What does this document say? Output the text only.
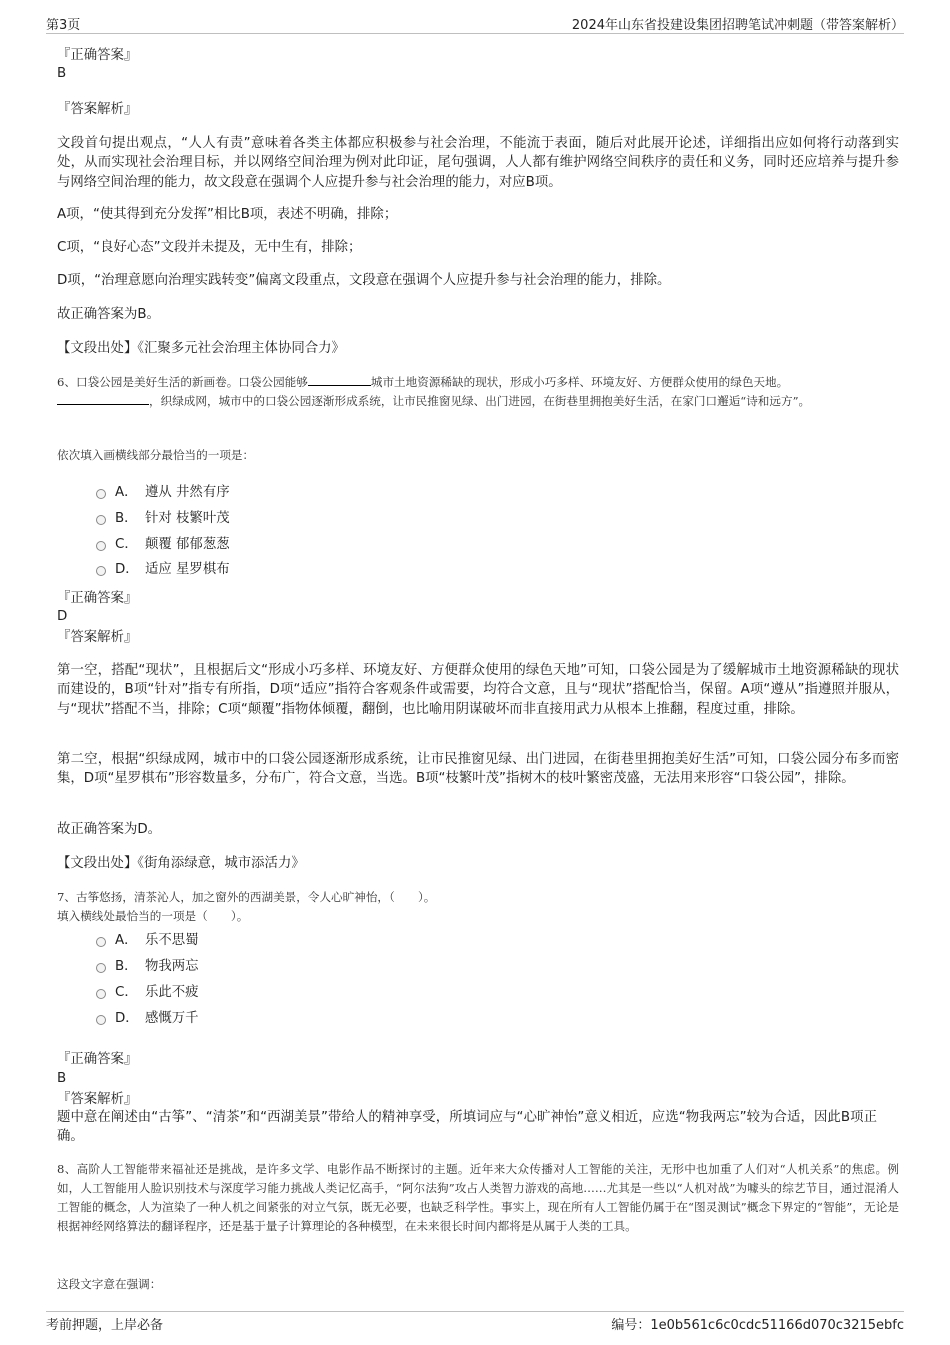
第3页	2024年山东省投建设集团招聘笔试冲刺题（带答案解析）
『正确答案』
B
『答案解析』
文段首句提出观点，“人人有责”意味着各类主体都应积极参与社会治理，不能流于表面，随后对此展开论述，详细指出应如何将行动落到实处，从而实现社会治理目标，并以网络空间治理为例对此印证，尾句强调，人人都有维护网络空间秩序的责任和义务，同时还应培养与提升参与网络空间治理的能力，故文段意在强调个人应提升参与社会治理的能力，对应B项。
A项，“使其得到充分发挥”相比B项，表述不明确，排除；
C项，“良好心态”文段并未提及，无中生有，排除；
D项，“治理意愿向治理实践转变”偏离文段重点，文段意在强调个人应提升参与社会治理的能力，排除。
故正确答案为B。
【文段出处】《汇聚多元社会治理主体协同合力》
6、口袋公园是美好生活的新画卷。口袋公园能够	城市土地资源稀缺的现状，形成小巧多样、环境友好、方便群众使用的绿色天地。
，织绿成网，城市中的口袋公园逐渐形成系统，让市民推窗见绿、出门进园，在街巷里拥抱美好生活，在家门口邂逅“诗和远方”。
依次填入画横线部分最恰当的一项是：
A． 遵从 井然有序
B． 针对 枝繁叶茂
C． 颠覆 郁郁葱葱
D． 适应 星罗棋布
『正确答案』
D
『答案解析』
第一空，搭配“现状”，且根据后文“形成小巧多样、环境友好、方便群众使用的绿色天地”可知，口袋公园是为了缓解城市土地资源稀缺的现状而建设的，B项“针对”指专有所指，D项“适应”指符合客观条件或需要，均符合文意，且与“现状”搭配恰当，保留。A项“遵从”指遵照并服从，与“现状”搭配不当，排除；C项“颠覆”指物体倾覆，翻倒，也比喻用阴谋破坏而非直接用武力从根本上推翻，程度过重，排除。
第二空，根据“织绿成网，城市中的口袋公园逐渐形成系统，让市民推窗见绿、出门进园，在街巷里拥抱美好生活”可知，口袋公园分布多而密集，D项“星罗棋布”形容数量多，分布广，符合文意，当选。B项“枝繁叶茂”指树木的枝叶繁密茂盛，无法用来形容“口袋公园”，排除。
故正确答案为D。
【文段出处】《街角添绿意，城市添活力》
7、古筝悠扬，清茶沁人，加之窗外的西湖美景，令人心旷神怡，（　　）。
填入横线处最恰当的一项是（　　）。
A． 乐不思蜀
B． 物我两忘
C． 乐此不疲
D． 感慨万千
『正确答案』
B
『答案解析』
题中意在阐述由“古筝”、“清茶”和“西湖美景”带给人的精神享受，所填词应与“心旷神怡”意义相近，应选“物我两忘”较为合适，因此B项正确。
8、高阶人工智能带来福祉还是挑战，是许多文学、电影作品不断探讨的主题。近年来大众传播对人工智能的关注，无形中也加重了人们对“人机关系”的焦虑。例如，人工智能用人脸识别技术与深度学习能力挑战人类记忆高手，“阿尔法狗”攻占人类智力游戏的高地……尤其是一些以“人机对战”为噱头的综艺节目，通过混淆人工智能的概念，人为渲染了一种人机之间紧张的对立气氛，既无必要，也缺乏科学性。事实上，现在所有人工智能仍属于在“图灵测试”概念下界定的“智能”，无论是根据神经网络算法的翻译程序，还是基于量子计算理论的各种模型，在未来很长时间内都将是从属于人类的工具。
这段文字意在强调：
考前押题，上岸必备	编号：1e0b561c6c0cdc51166d070c3215ebfc
